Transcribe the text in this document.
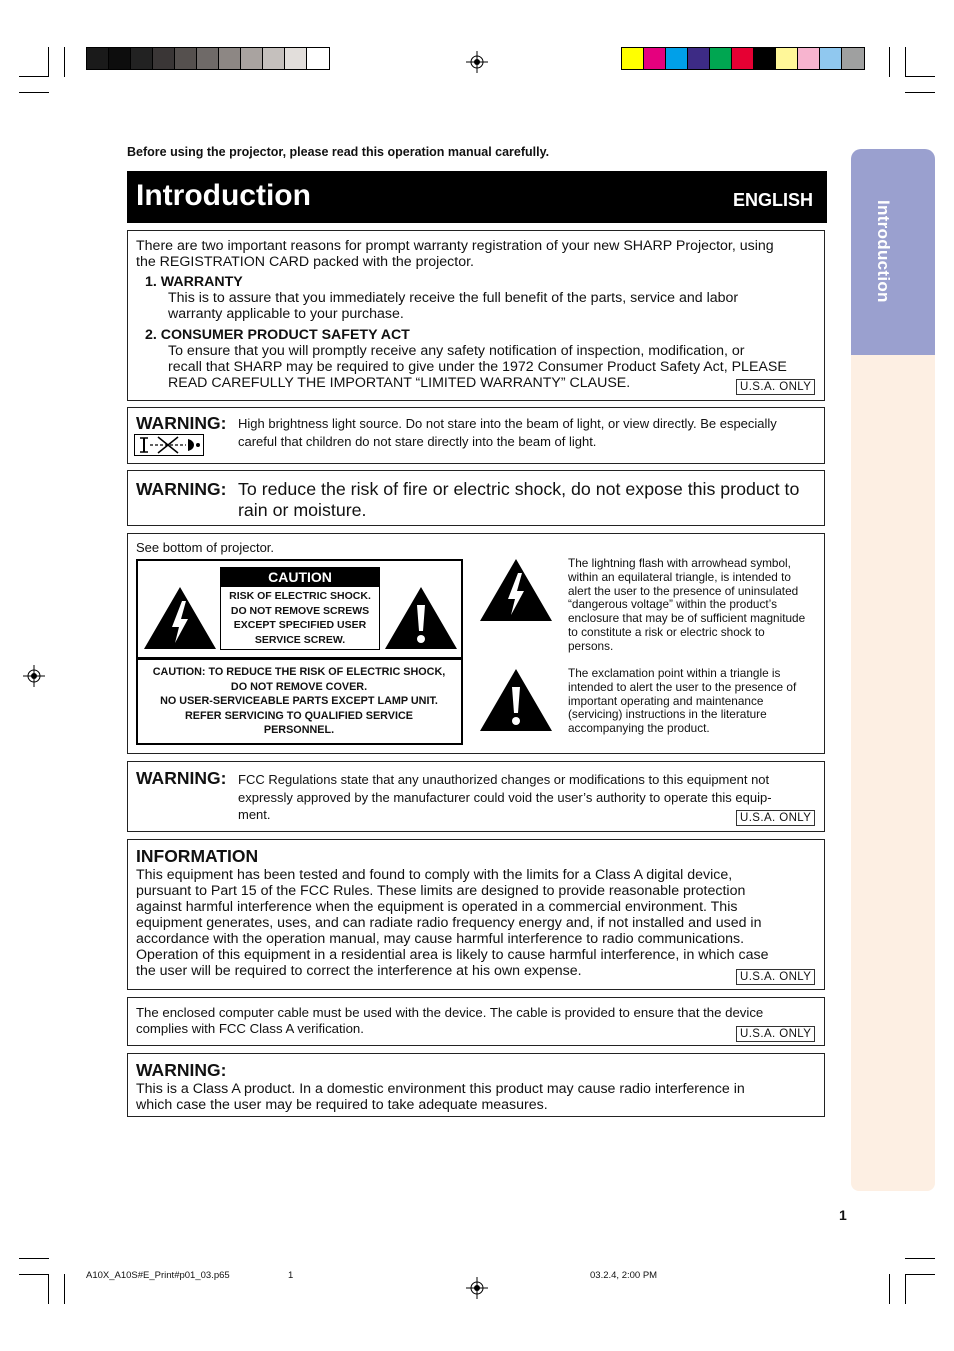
Introduction
Before using the projector, please read this operation manual carefully.
Introduction	ENGLISH
There are two important reasons for prompt warranty registration of your new SHARP Projector, using
the REGISTRATION CARD packed with the projector.
1. WARRANTY
This is to assure that you immediately receive the full benefit of the parts, service and labor
warranty applicable to your purchase.
2. CONSUMER PRODUCT SAFETY ACT
To ensure that you will promptly receive any safety notification of inspection, modification, or
recall that SHARP may be required to give under the 1972 Consumer Product Safety Act, PLEASE
READ CAREFULLY THE IMPORTANT “LIMITED WARRANTY” CLAUSE.	U.S.A. ONLY
WARNING: High brightness light source. Do not stare into the beam of light, or view directly. Be especially
careful that children do not stare directly into the beam of light.
WARNING: To reduce the risk of fire or electric shock, do not expose this product to
rain or moisture.
See bottom of projector.
CAUTION
RISK OF ELECTRIC SHOCK.
DO NOT REMOVE SCREWS
EXCEPT SPECIFIED USER
SERVICE SCREW.
CAUTION: TO REDUCE THE RISK OF ELECTRIC SHOCK,
DO NOT REMOVE COVER.
NO USER-SERVICEABLE PARTS EXCEPT LAMP UNIT.
REFER SERVICING TO QUALIFIED SERVICE
PERSONNEL.
The lightning flash with arrowhead symbol,
within an equilateral triangle, is intended to
alert the user to the presence of uninsulated
“dangerous voltage” within the product’s
enclosure that may be of sufficient magnitude
to constitute a risk or electric shock to
persons.
The exclamation point within a triangle is
intended to alert the user to the presence of
important operating and maintenance
(servicing) instructions in the literature
accompanying the product.
WARNING: FCC Regulations state that any unauthorized changes or modifications to this equipment not
expressly approved by the manufacturer could void the user’s authority to operate this equip-
ment.	U.S.A. ONLY
INFORMATION
This equipment has been tested and found to comply with the limits for a Class A digital device,
pursuant to Part 15 of the FCC Rules. These limits are designed to provide reasonable protection
against harmful interference when the equipment is operated in a commercial environment. This
equipment generates, uses, and can radiate radio frequency energy and, if not installed and used in
accordance with the operation manual, may cause harmful interference to radio communications.
Operation of this equipment in a residential area is likely to cause harmful interference, in which case
the user will be required to correct the interference at his own expense.	U.S.A. ONLY
The enclosed computer cable must be used with the device. The cable is provided to ensure that the device
complies with FCC Class A verification.	U.S.A. ONLY
WARNING:
This is a Class A product. In a domestic environment this product may cause radio interference in
which case the user may be required to take adequate measures.
1
A10X_A10S#E_Print#p01_03.p65	1	03.2.4, 2:00 PM
